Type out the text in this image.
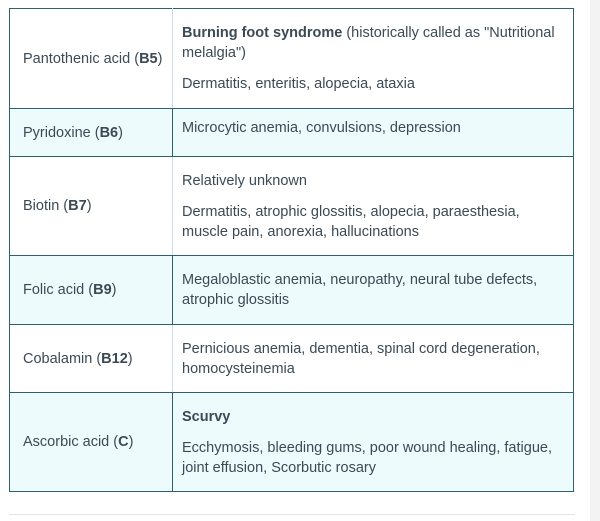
Pantothenic acid (B5)	Burning foot syndrome (historically called as "Nutritional melalgia")

Dermatitis, enteritis, alopecia, ataxia

Pyridoxine (B6)	Microcytic anemia, convulsions, depression

Biotin (B7)	Relatively unknown

Dermatitis, atrophic glossitis, alopecia, paraesthesia, muscle pain, anorexia, hallucinations

Folic acid (B9)	Megaloblastic anemia, neuropathy, neural tube defects, atrophic glossitis

Cobalamin (B12)	Pernicious anemia, dementia, spinal cord degeneration, homocysteinemia

Ascorbic acid (C)	Scurvy

Ecchymosis, bleeding gums, poor wound healing, fatigue, joint effusion, Scorbutic rosary
